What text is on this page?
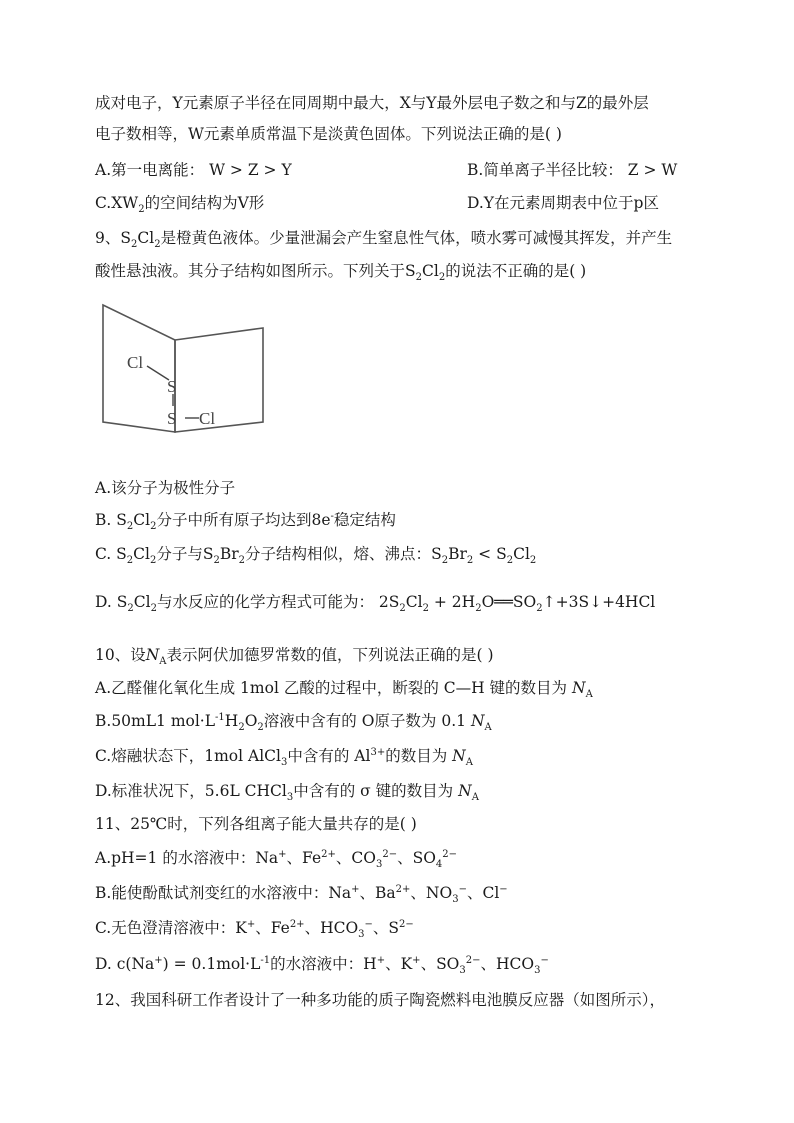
成对电子，Y元素原子半径在同周期中最大，X与Y最外层电子数之和与Z的最外层
电子数相等，W元素单质常温下是淡黄色固体。下列说法正确的是( )
A.第一电离能： W > Z > Y	B.简单离子半径比较： Z > W
$C.XW_2$的空间结构为V形	D.Y在元素周期表中位于p区
9、$S_2Cl_2$是橙黄色液体。少量泄漏会产生窒息性气体，喷水雾可减慢其挥发，并产生
酸性悬浊液。其分子结构如图所示。下列关于$S_2Cl_2$的说法不正确的是( )
Cl
S
S Cl
A.该分子为极性分子
B. $S_2Cl_2$分子中所有原子均达到8e-稳定结构
C. $S_2Cl_2$分子与$S_2Br_2$分子结构相似，熔、沸点：$S_2Br_2 < S_2Cl_2$
D. $S_2Cl_2$与水反应的化学方程式可能为： $2S_2Cl_2$ + $2H_2O══SO_2↑+3S↓+4HCl$
10、设$N_A$表示阿伏加德罗常数的值，下列说法正确的是( )
A.乙醛催化氧化生成 1mol 乙酸的过程中，断裂的 C—H 键的数目为 $N_A$
B.50mL1 $mol\cdot L^{-1}H_2O_2$溶液中含有的 O原子数为 0.1 $N_A$
C.熔融状态下，1mol AlCl$_3$中含有的 $Al^{3+}$的数目为 $N_A$
D.标准状况下，5.6L CHCl$_3$中含有的 σ 键的数目为 $N_A$
11、25℃时，下列各组离子能大量共存的是( )
A.pH=1 的水溶液中：Na+、$Fe^{2+}$、$CO_3^{2-}$、$SO_4^{2-}$
B.能使酚酞试剂变红的水溶液中：Na+、$Ba^{2+}$、$NO_3^-$、Cl−
C.无色澄清溶液中：K+、$Fe^{2+}$、$HCO_3^-$、$S^{2-}$
D. $c(Na^+) = 0.1mol\cdot L^{-1}$的水溶液中：H+、K+、$SO_3^{2-}$、$HCO_3^-$
12、我国科研工作者设计了一种多功能的质子陶瓷燃料电池膜反应器（如图所示），
